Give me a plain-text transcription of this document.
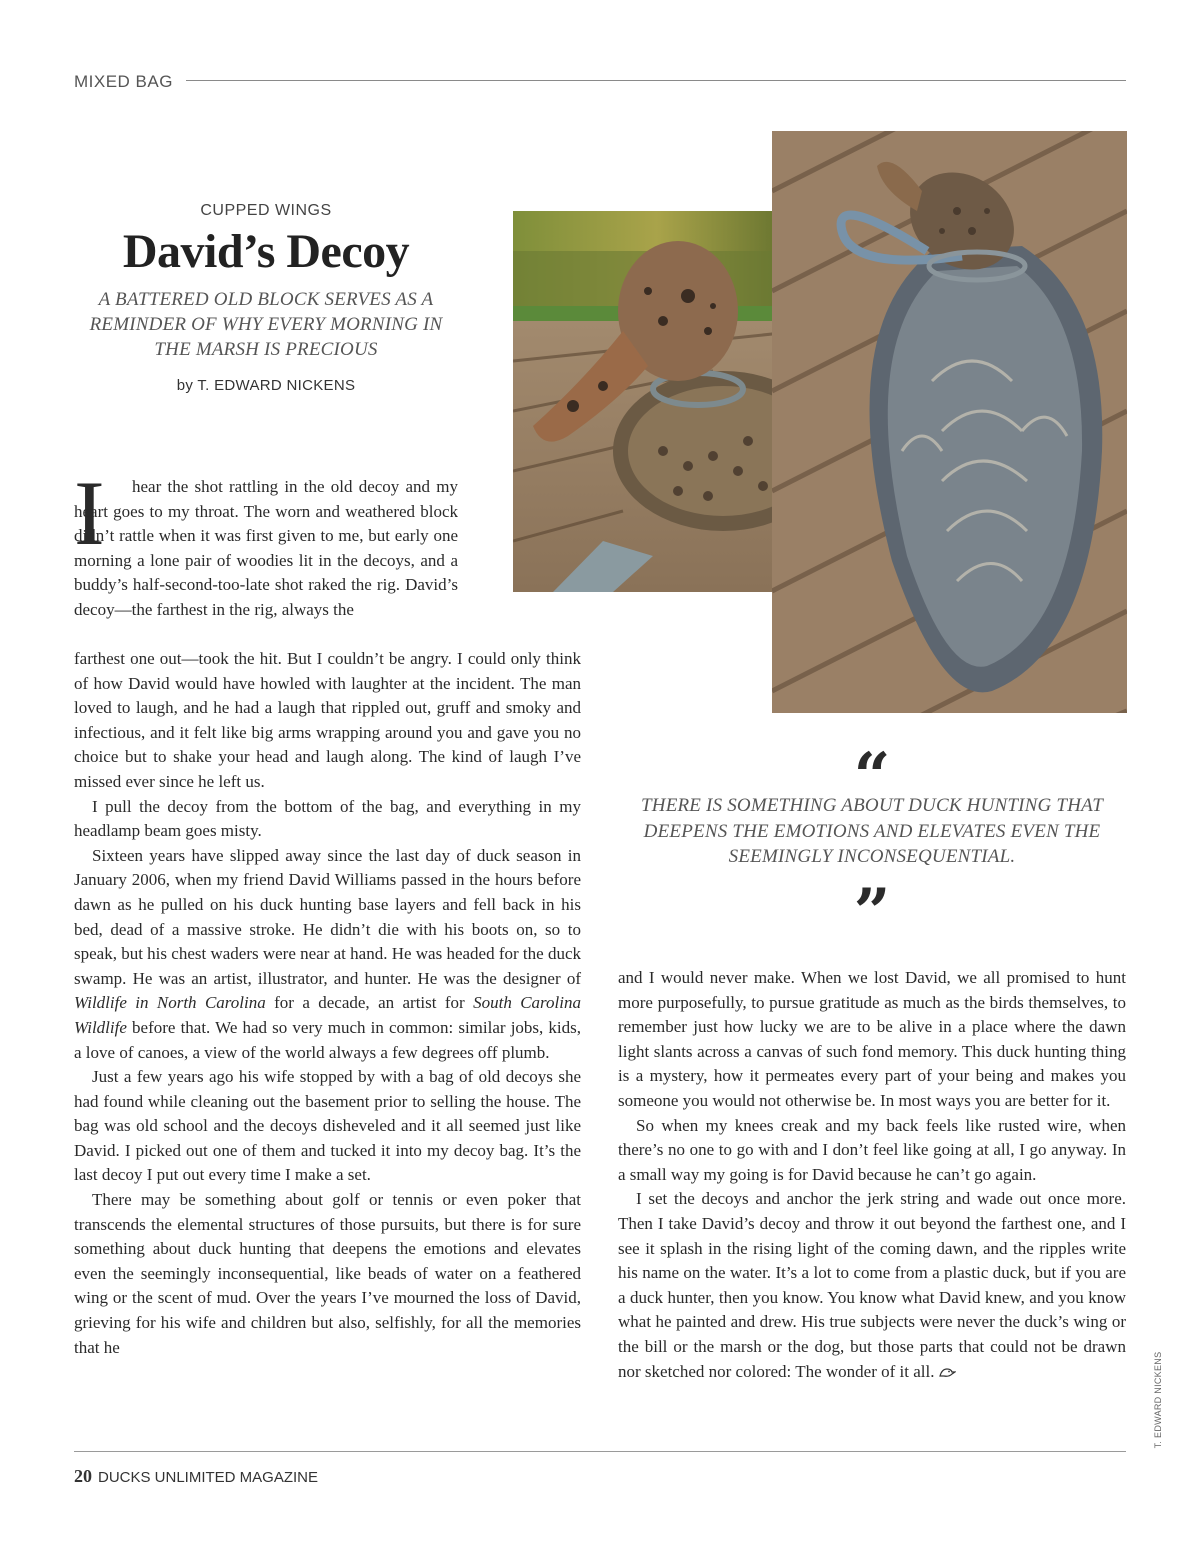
MIXED BAG
CUPPED WINGS
David’s Decoy
A BATTERED OLD BLOCK SERVES AS A REMINDER OF WHY EVERY MORNING IN THE MARSH IS PRECIOUS
by T. EDWARD NICKENS
I	hear the shot rattling in the old decoy and my heart goes to my throat. The worn and weathered block didn’t rattle when it was first given to me, but early one morning a lone pair of woodies lit in the decoys, and a buddy’s half-second-too-late shot raked the rig. David’s decoy—the farthest in the rig, always the

farthest one out—took the hit. But I couldn’t be angry. I could only think of how David would have howled with laughter at the incident. The man loved to laugh, and he had a laugh that rippled out, gruff and smoky and infectious, and it felt like big arms wrapping around you and gave you no choice but to shake your head and laugh along. The kind of laugh I’ve missed ever since he left us.

I pull the decoy from the bottom of the bag, and everything in my headlamp beam goes misty.

Sixteen years have slipped away since the last day of duck season in January 2006, when my friend David Williams passed in the hours before dawn as he pulled on his duck hunting base layers and fell back in his bed, dead of a massive stroke. He didn’t die with his boots on, so to speak, but his chest waders were near at hand. He was headed for the duck swamp. He was an artist, illustrator, and hunter. He was the designer of Wildlife in North Carolina for a decade, an artist for South Carolina Wildlife before that. We had so very much in common: similar jobs, kids, a love of canoes, a view of the world always a few degrees off plumb.

Just a few years ago his wife stopped by with a bag of old decoys she had found while cleaning out the basement prior to selling the house. The bag was old school and the decoys disheveled and it all seemed just like David. I picked out one of them and tucked it into my decoy bag. It’s the last decoy I put out every time I make a set.

There may be something about golf or tennis or even poker that transcends the elemental structures of those pursuits, but there is for sure something about duck hunting that deepens the emotions and elevates even the seemingly inconsequential, like beads of water on a feathered wing or the scent of mud. Over the years I’ve mourned the loss of David, grieving for his wife and children but also, selfishly, for all the memories that he

“
THERE IS SOMETHING ABOUT DUCK HUNTING THAT DEEPENS THE EMOTIONS AND ELEVATES EVEN THE SEEMINGLY INCONSEQUENTIAL.
”

and I would never make. When we lost David, we all promised to hunt more purposefully, to pursue gratitude as much as the birds themselves, to remember just how lucky we are to be alive in a place where the dawn light slants across a canvas of such fond memory. This duck hunting thing is a mystery, how it permeates every part of your being and makes you someone you would not otherwise be. In most ways you are better for it.

So when my knees creak and my back feels like rusted wire, when there’s no one to go with and I don’t feel like going at all, I go anyway. In a small way my going is for David because he can’t go again.

I set the decoys and anchor the jerk string and wade out once more. Then I take David’s decoy and throw it out beyond the farthest one, and I see it splash in the rising light of the coming dawn, and the ripples write his name on the water. It’s a lot to come from a plastic duck, but if you are a duck hunter, then you know. You know what David knew, and you know what he painted and drew. His true subjects were never the duck’s wing or the bill or the marsh or the dog, but those parts that could not be drawn nor sketched nor colored: The wonder of it all.	T. EDWARD NICKENS
20 DUCKS UNLIMITED MAGAZINE
